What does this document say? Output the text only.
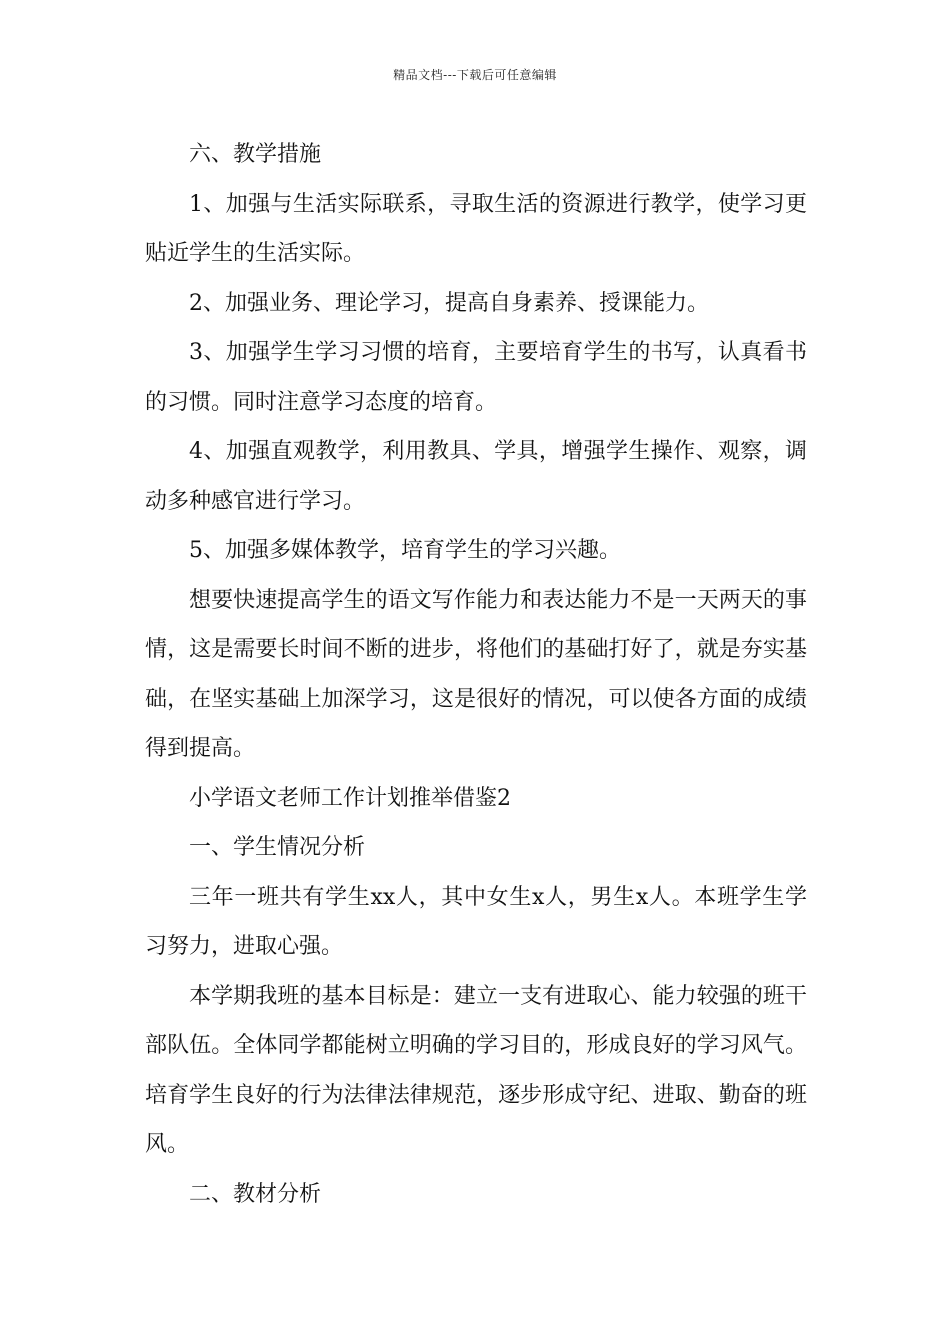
精品文档---下载后可任意编辑

六、教学措施

1、加强与生活实际联系，寻取生活的资源进行教学，使学习更贴近学生的生活实际。

2、加强业务、理论学习，提高自身素养、授课能力。

3、加强学生学习习惯的培育，主要培育学生的书写，认真看书的习惯。同时注意学习态度的培育。

4、加强直观教学，利用教具、学具，增强学生操作、观察，调动多种感官进行学习。

5、加强多媒体教学，培育学生的学习兴趣。

想要快速提高学生的语文写作能力和表达能力不是一天两天的事情，这是需要长时间不断的进步，将他们的基础打好了，就是夯实基础，在坚实基础上加深学习，这是很好的情况，可以使各方面的成绩得到提高。

小学语文老师工作计划推举借鉴2

一、学生情况分析

三年一班共有学生xx人，其中女生x人，男生x人。本班学生学习努力，进取心强。

本学期我班的基本目标是：建立一支有进取心、能力较强的班干部队伍。全体同学都能树立明确的学习目的，形成良好的学习风气。培育学生良好的行为法律法律规范，逐步形成守纪、进取、勤奋的班风。

二、教材分析
